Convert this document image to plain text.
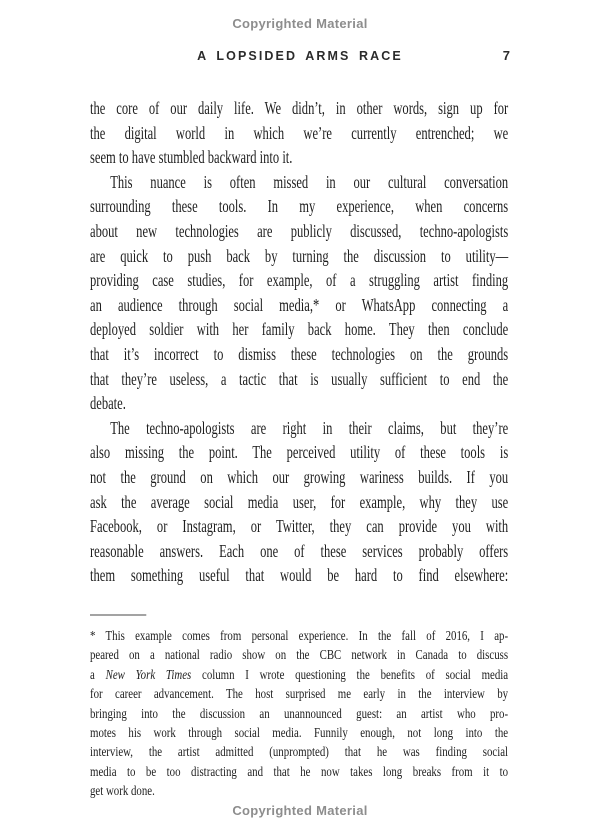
Copyrighted Material
A LOPSIDED ARMS RACE	7
the core of our daily life. We didn’t, in other words, sign up for
the digital world in which we’re currently entrenched; we
seem to have stumbled backward into it.
This nuance is often missed in our cultural conversation
surrounding these tools. In my experience, when concerns
about new technologies are publicly discussed, techno-apologists
are quick to push back by turning the discussion to utility—
providing case studies, for example, of a struggling artist finding
an audience through social media,* or WhatsApp connecting a
deployed soldier with her family back home. They then conclude
that it’s incorrect to dismiss these technologies on the grounds
that they’re useless, a tactic that is usually sufficient to end the
debate.
The techno-apologists are right in their claims, but they’re
also missing the point. The perceived utility of these tools is
not the ground on which our growing wariness builds. If you
ask the average social media user, for example, why they use
Facebook, or Instagram, or Twitter, they can provide you with
reasonable answers. Each one of these services probably offers
them something useful that would be hard to find elsewhere:
* This example comes from personal experience. In the fall of 2016, I ap-
peared on a national radio show on the CBC network in Canada to discuss
a New York Times column I wrote questioning the benefits of social media
for career advancement. The host surprised me early in the interview by
bringing into the discussion an unannounced guest: an artist who pro-
motes his work through social media. Funnily enough, not long into the
interview, the artist admitted (unprompted) that he was finding social
media to be too distracting and that he now takes long breaks from it to
get work done.
Copyrighted Material
